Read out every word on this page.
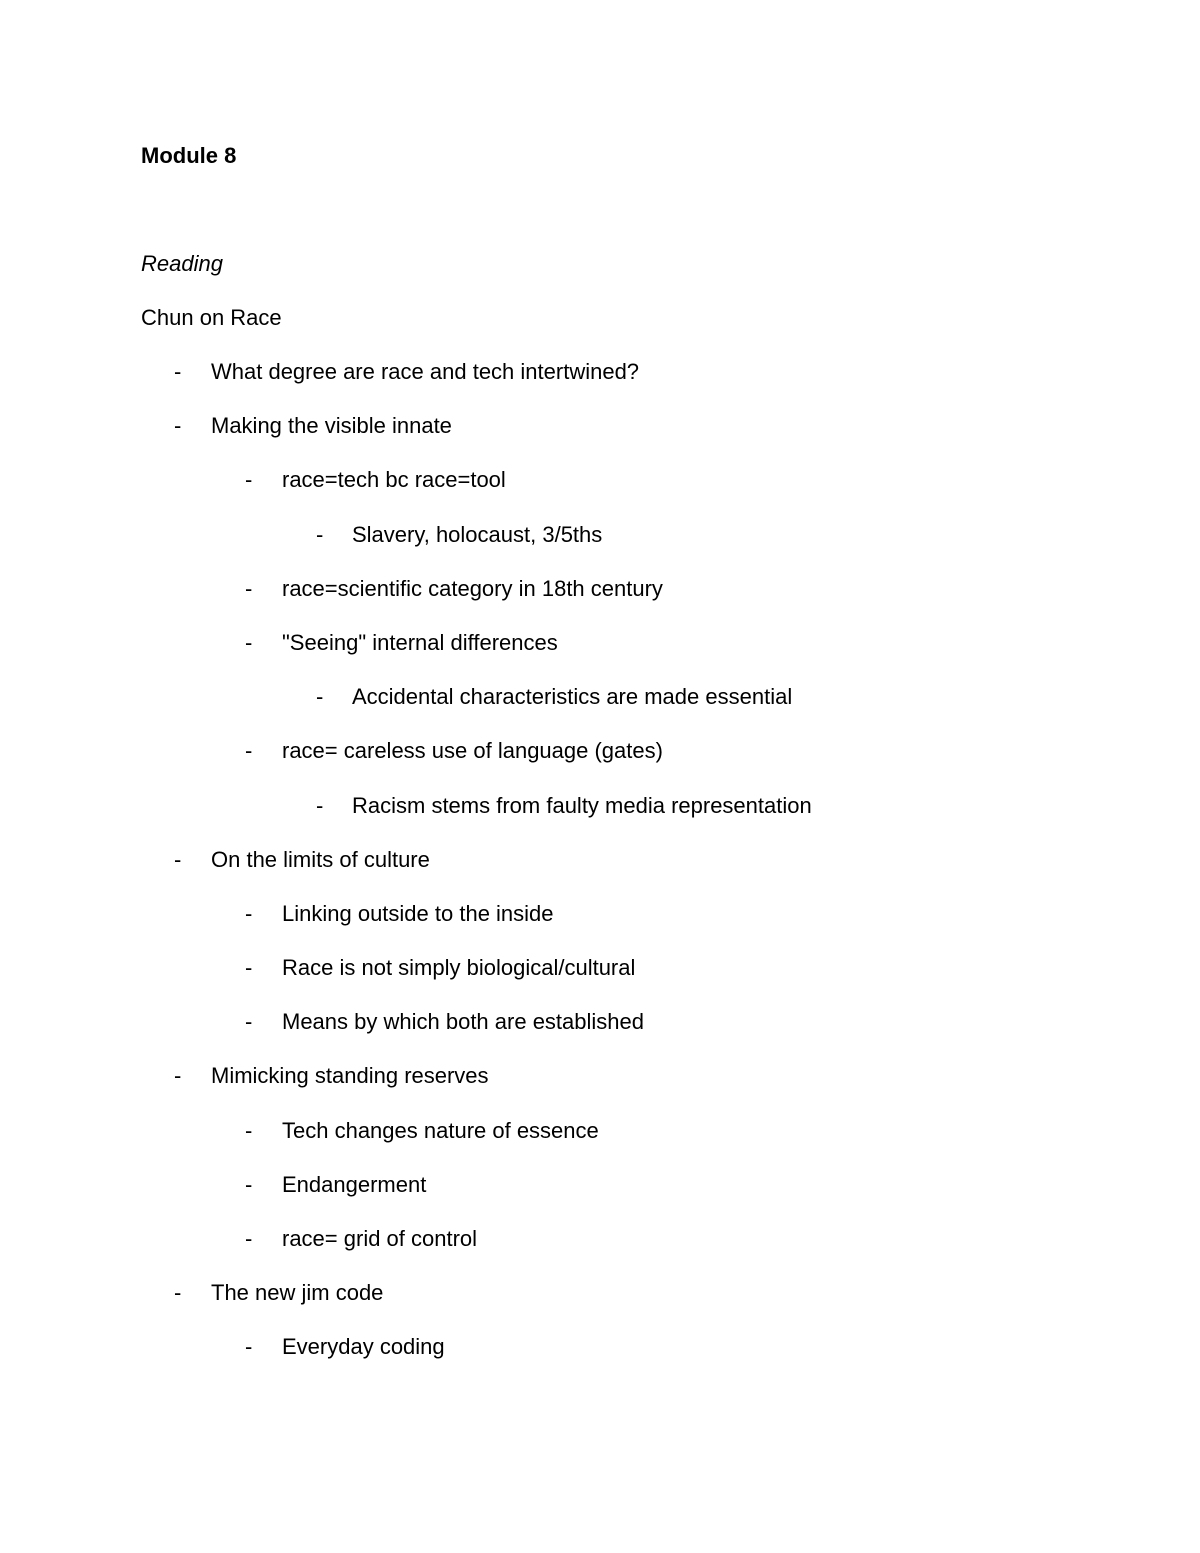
Module 8
Reading
Chun on Race
- What degree are race and tech intertwined?
- Making the visible innate
- race=tech bc race=tool
- Slavery, holocaust, 3/5ths
- race=scientific category in 18th century
- "Seeing" internal differences
- Accidental characteristics are made essential
- race= careless use of language (gates)
- Racism stems from faulty media representation
- On the limits of culture
- Linking outside to the inside
- Race is not simply biological/cultural
- Means by which both are established
- Mimicking standing reserves
- Tech changes nature of essence
- Endangerment
- race= grid of control
- The new jim code
- Everyday coding
